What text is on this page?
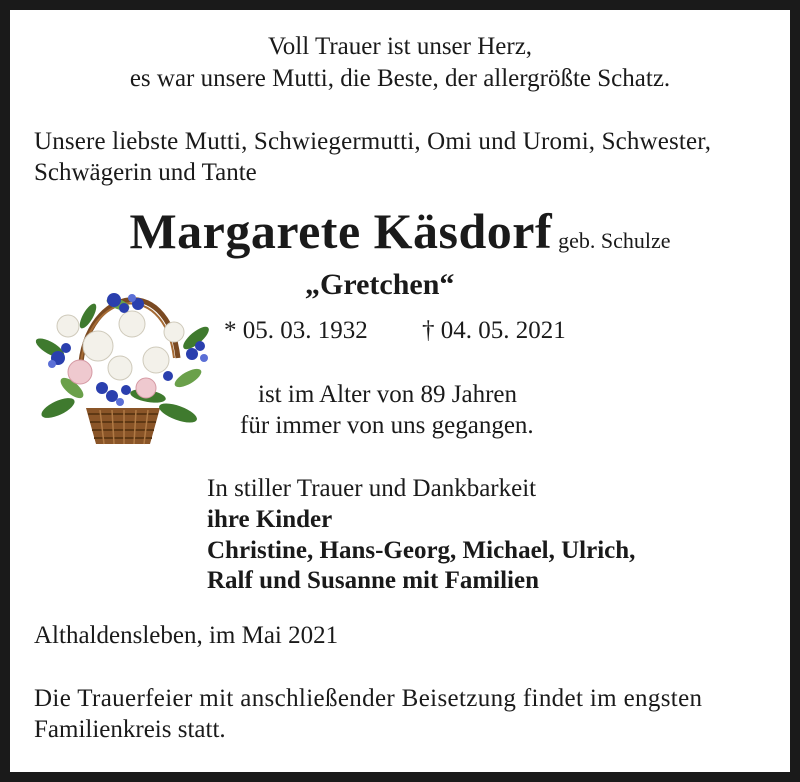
Voll Trauer ist unser Herz,
es war unsere Mutti, die Beste, der allergrößte Schatz.
Unsere liebste Mutti, Schwiegermutti, Omi und Uromi, Schwester,
Schwägerin und Tante
Margarete Käsdorf geb. Schulze
„Gretchen“
* 05. 03. 1932 † 04. 05. 2021
ist im Alter von 89 Jahren
für immer von uns gegangen.
In stiller Trauer und Dankbarkeit
ihre Kinder
Christine, Hans-Georg, Michael, Ulrich,
Ralf und Susanne mit Familien
Althaldensleben, im Mai 2021
Die Trauerfeier mit anschließender Beisetzung findet im engsten
Familienkreis statt.
